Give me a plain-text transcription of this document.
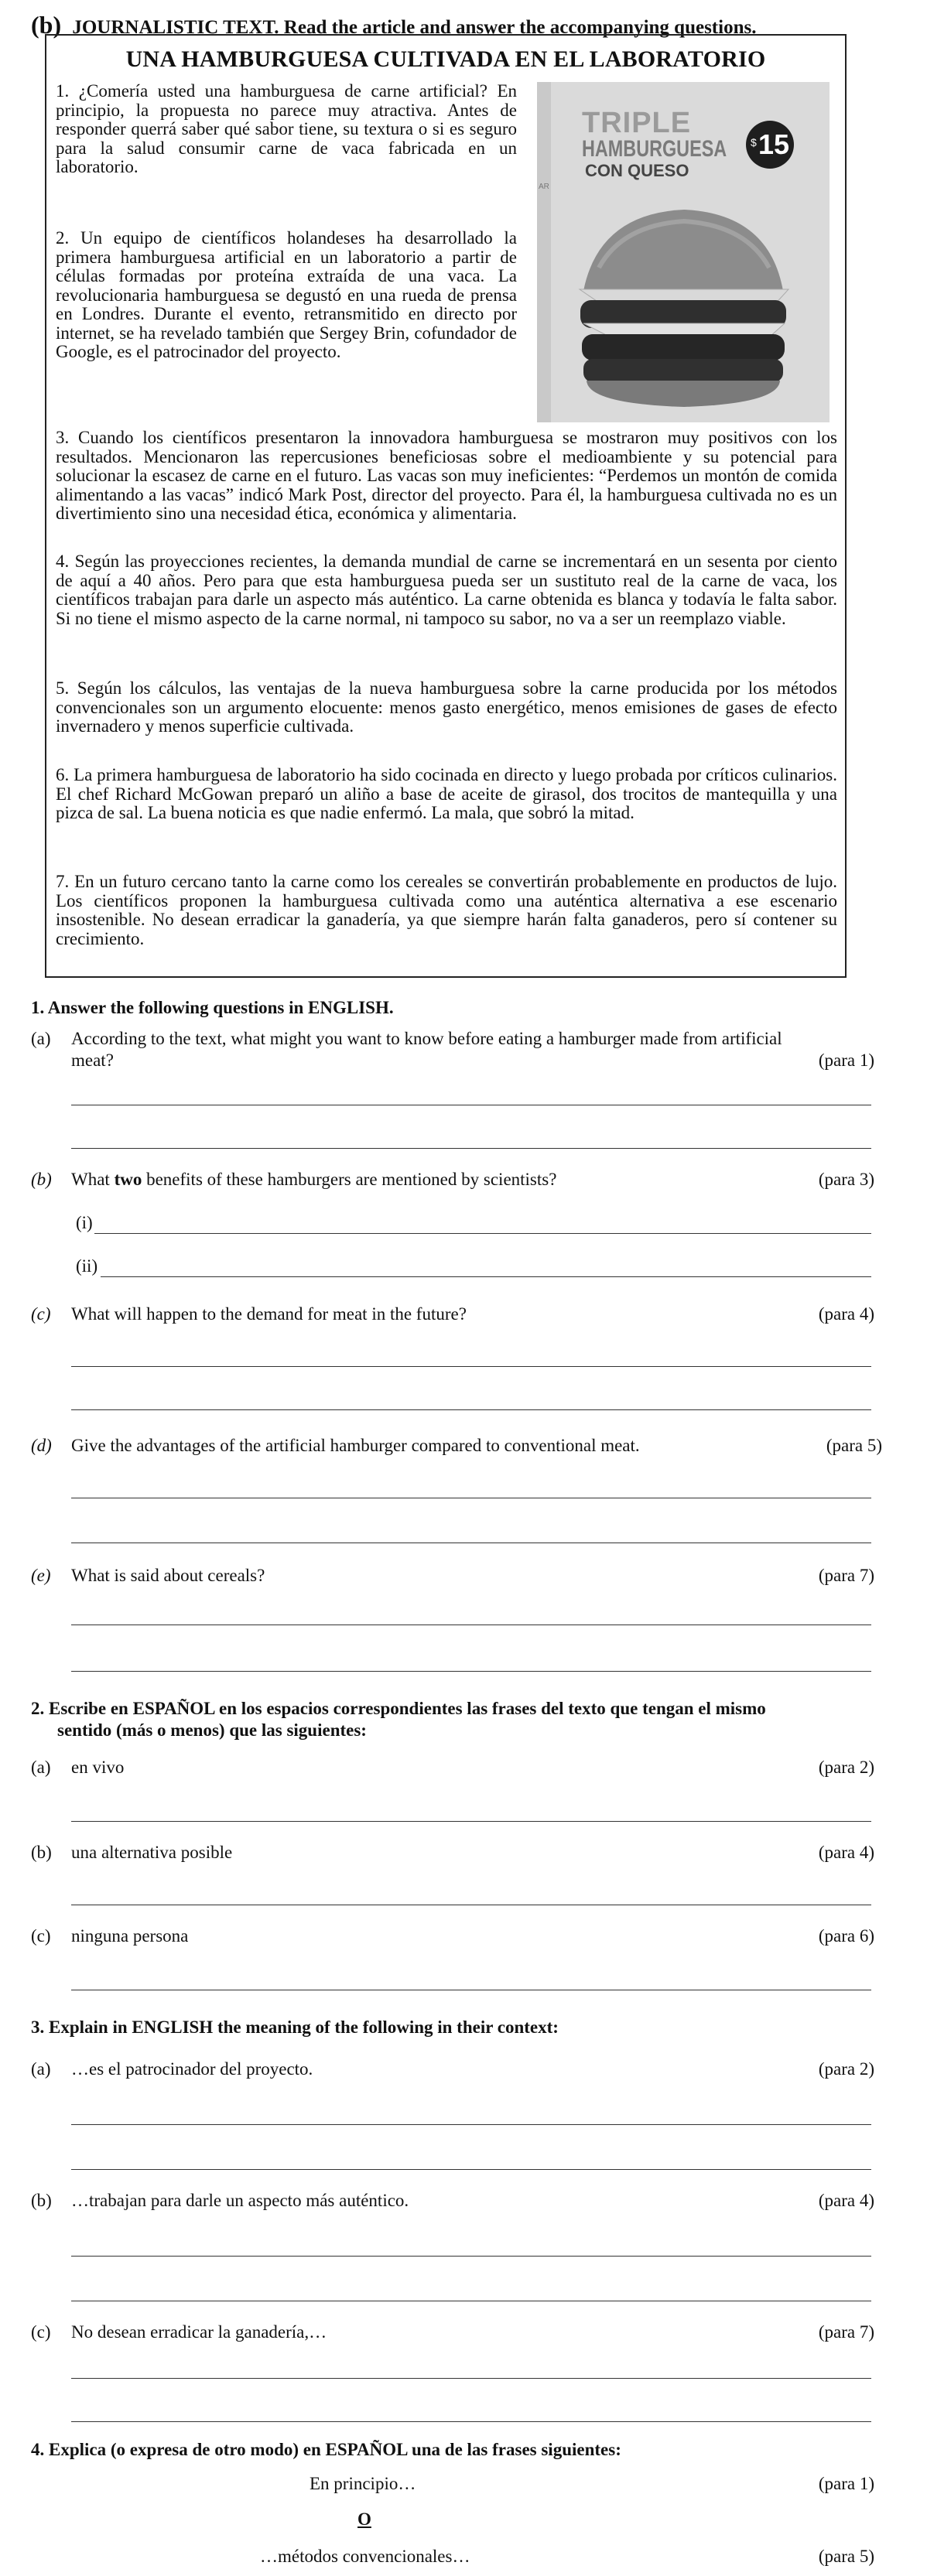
(b) JOURNALISTIC TEXT. Read the article and answer the accompanying questions.
UNA HAMBURGUESA CULTIVADA EN EL LABORATORIO

1. ¿Comería usted una hamburguesa de carne artificial? En principio, la propuesta no parece muy atractiva. Antes de responder querrá saber qué sabor tiene, su textura o si es seguro para la salud consumir carne de vaca fabricada en un laboratorio.

2. Un equipo de científicos holandeses ha desarrollado la primera hamburguesa artificial en un laboratorio a partir de células formadas por proteína extraída de una vaca. La revolucionaria hamburguesa se degustó en una rueda de prensa en Londres. Durante el evento, retransmitido en directo por internet, se ha revelado también que Sergey Brin, cofundador de Google, es el patrocinador del proyecto.

TRIPLE
HAMBURGUESA
CON QUESO
$ 15
AR

3. Cuando los científicos presentaron la innovadora hamburguesa se mostraron muy positivos con los resultados. Mencionaron las repercusiones beneficiosas sobre el medioambiente y su potencial para solucionar la escasez de carne en el futuro. Las vacas son muy ineficientes: “Perdemos un montón de comida alimentando a las vacas” indicó Mark Post, director del proyecto. Para él, la hamburguesa cultivada no es un divertimiento sino una necesidad ética, económica y alimentaria.

4. Según las proyecciones recientes, la demanda mundial de carne se incrementará en un sesenta por ciento de aquí a 40 años. Pero para que esta hamburguesa pueda ser un sustituto real de la carne de vaca, los científicos trabajan para darle un aspecto más auténtico. La carne obtenida es blanca y todavía le falta sabor. Si no tiene el mismo aspecto de la carne normal, ni tampoco su sabor, no va a ser un reemplazo viable.

5. Según los cálculos, las ventajas de la nueva hamburguesa sobre la carne producida por los métodos convencionales son un argumento elocuente: menos gasto energético, menos emisiones de gases de efecto invernadero y menos superficie cultivada.

6. La primera hamburguesa de laboratorio ha sido cocinada en directo y luego probada por críticos culinarios. El chef Richard McGowan preparó un aliño a base de aceite de girasol, dos trocitos de mantequilla y una pizca de sal. La buena noticia es que nadie enfermó. La mala, que sobró la mitad.

7. En un futuro cercano tanto la carne como los cereales se convertirán probablemente en productos de lujo. Los científicos proponen la hamburguesa cultivada como una auténtica alternativa a ese escenario insostenible. No desean erradicar la ganadería, ya que siempre harán falta ganaderos, pero sí contener su crecimiento.

1. Answer the following questions in ENGLISH.
(a) According to the text, what might you want to know before eating a hamburger made from artificial
meat?	(para 1)
(b) What two benefits of these hamburgers are mentioned by scientists?	(para 3)
(i)
(ii)
(c) What will happen to the demand for meat in the future?	(para 4)
(d) Give the advantages of the artificial hamburger compared to conventional meat.	(para 5)
(e) What is said about cereals?	(para 7)
2. Escribe en ESPAÑOL en los espacios correspondientes las frases del texto que tengan el mismo
sentido (más o menos) que las siguientes:
(a) en vivo	(para 2)
(b) una alternativa posible	(para 4)
(c) ninguna persona	(para 6)
3. Explain in ENGLISH the meaning of the following in their context:
(a) …es el patrocinador del proyecto.	(para 2)
(b) …trabajan para darle un aspecto más auténtico.	(para 4)
(c) No desean erradicar la ganadería,…	(para 7)
4. Explica (o expresa de otro modo) en ESPAÑOL una de las frases siguientes:
En principio…	(para 1)
O
…métodos convencionales…	(para 5)
